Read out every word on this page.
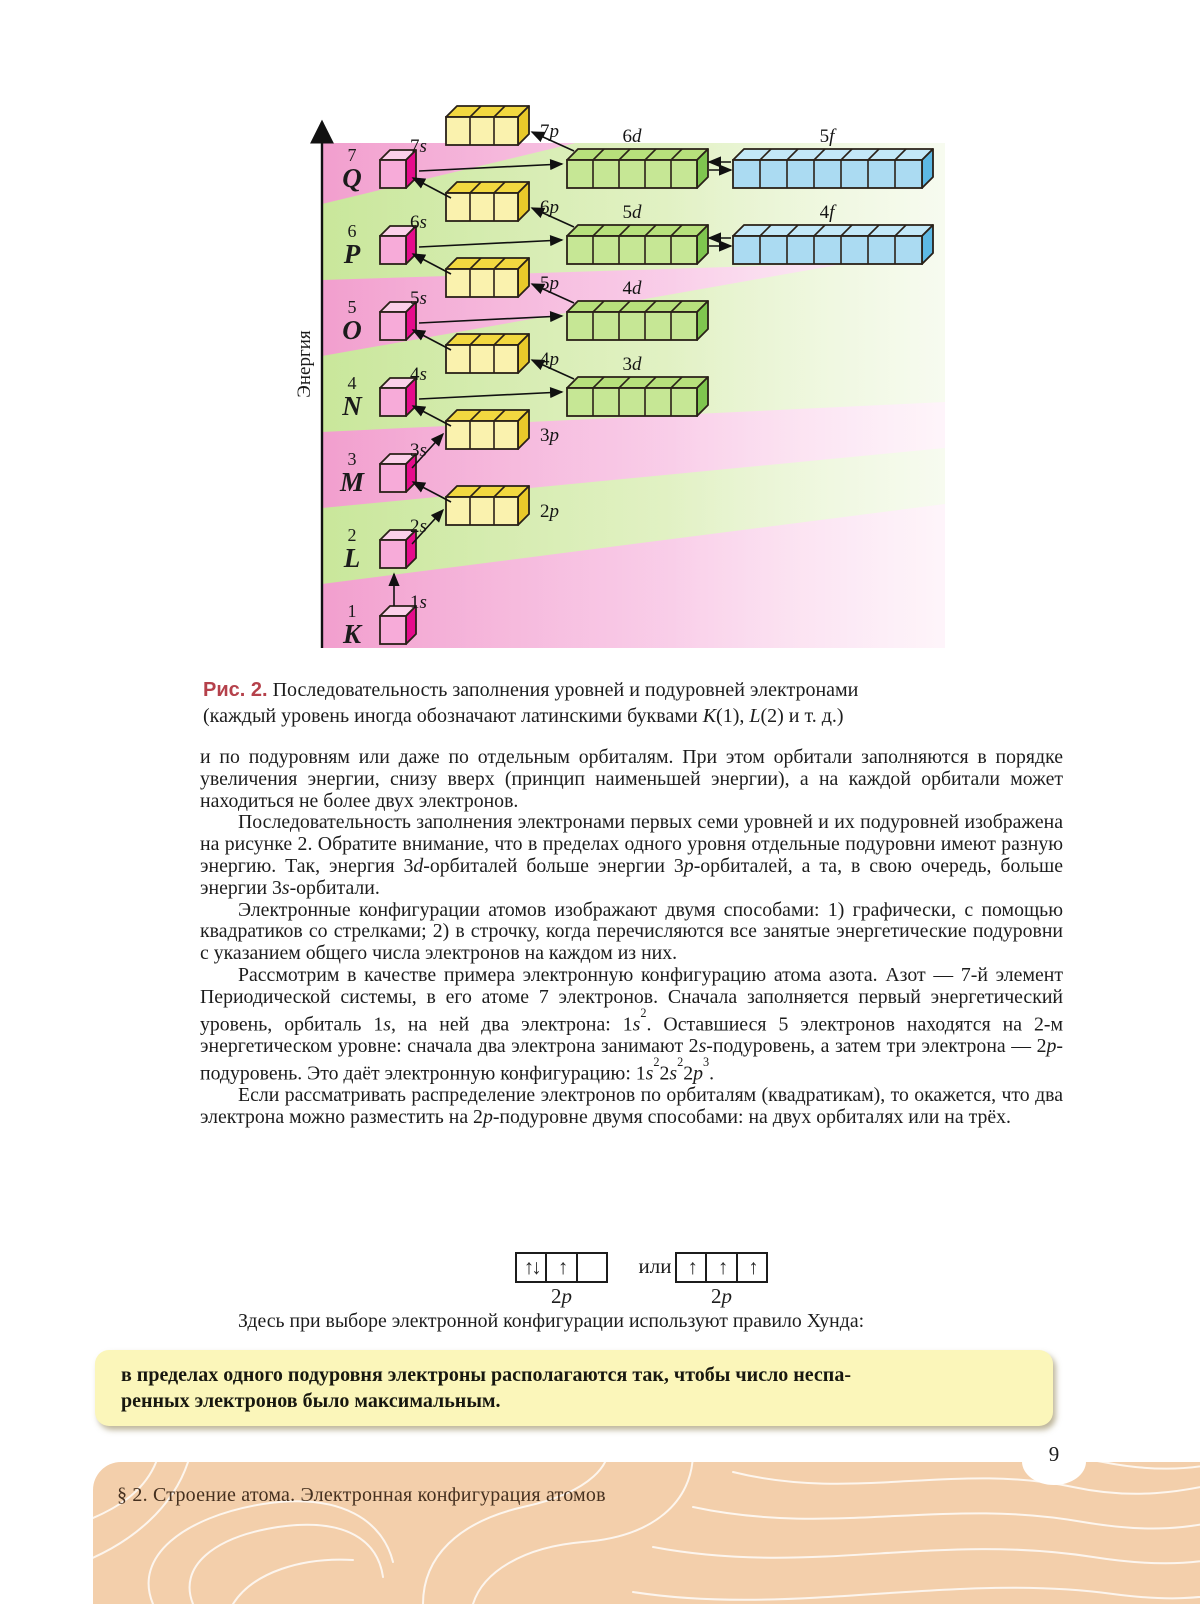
Энергия
7
Q
6
P
5
O
4
N
3
M
2
L
1
K
7s
6s
5s
4s
3s
2s
1s
7p
6p
5p
4p
3p
2p
6d
5d
4d
3d
5f
4f
Рис. 2. Последовательность заполнения уровней и подуровней электронами
(каждый уровень иногда обозначают латинскими буквами K(1), L(2) и т. д.)

и по подуровням или даже по отдельным орбиталям. При этом орбитали заполняются в порядке увеличения энергии, снизу вверх (принцип наименьшей энергии), а на каждой орбитали может находиться не более двух электронов.

Последовательность заполнения электронами первых семи уровней и их подуровней изображена на рисунке 2. Обратите внимание, что в пределах одного уровня отдельные подуровни имеют разную энергию. Так, энергия 3d-орбиталей больше энергии 3p-орбиталей, а та, в свою очередь, больше энергии 3s-орбитали.

Электронные конфигурации атомов изображают двумя способами: 1) графически, с помощью квадратиков со стрелками; 2) в строчку, когда перечисляются все занятые энергетические подуровни с указанием общего числа электронов на каждом из них.

Рассмотрим в качестве примера электронную конфигурацию атома азота. Азот — 7-й элемент Периодической системы, в его атоме 7 электронов. Сначала заполняется первый энергетический уровень, орбиталь 1s, на ней два электрона: $1s^2$. Оставшиеся 5 электронов находятся на 2-м энергетическом уровне: сначала два электрона занимают 2s-подуровень, а затем три электрона — 2p-подуровень. Это даёт электронную конфигурацию: $1s^22s^22p^3$.

Если рассматривать распределение электронов по орбиталям (квадратикам), то окажется, что два электрона можно разместить на 2p-подуровне двумя способами: на двух орбиталях или на трёх.

↑↓ ↑	или ↑	↑	↑
2p	2p
Здесь при выборе электронной конфигурации используют правило Хунда:
в пределах одного подуровня электроны располагаются так, чтобы число неспа-
ренных электронов было максимальным.
§ 2. Строение атома. Электронная конфигурация атомов
9
